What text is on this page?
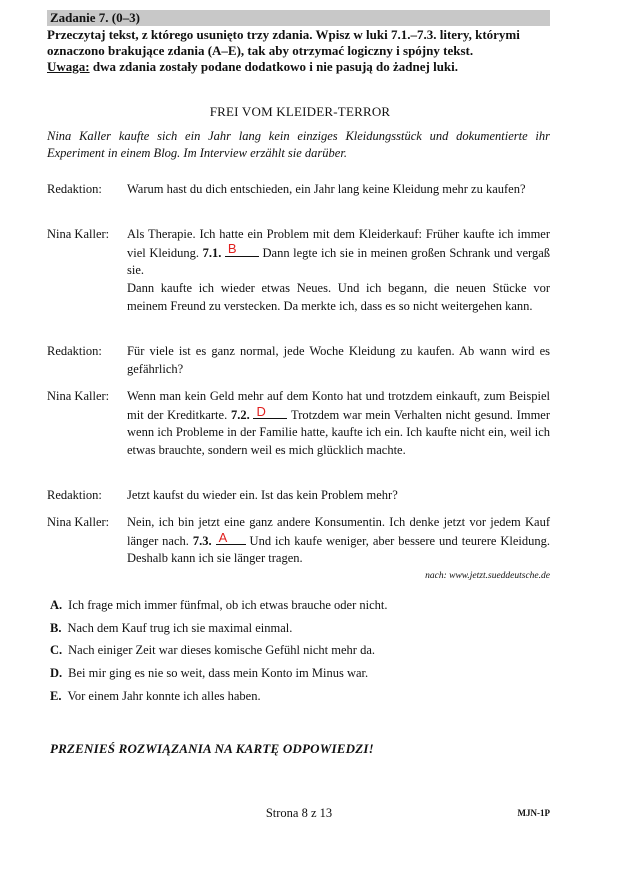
Zadanie 7. (0–3)
Przeczytaj tekst, z którego usunięto trzy zdania. Wpisz w luki 7.1.–7.3. litery, którymi
oznaczono brakujące zdania (A–E), tak aby otrzymać logiczny i spójny tekst.
Uwaga: dwa zdania zostały podane dodatkowo i nie pasują do żadnej luki.
FREI VOM KLEIDER-TERROR
Nina Kaller kaufte sich ein Jahr lang kein einziges Kleidungsstück und dokumentierte ihr Experiment in einem Blog. Im Interview erzählt sie darüber.
Redaktion:	Warum hast du dich entschieden, ein Jahr lang keine Kleidung mehr zu kaufen?
Nina Kaller:	Als Therapie. Ich hatte ein Problem mit dem Kleiderkauf: Früher kaufte ich immer viel Kleidung. 7.1. B Dann legte ich sie in meinen großen Schrank und vergaß sie.
Dann kaufte ich wieder etwas Neues. Und ich begann, die neuen Stücke vor meinem Freund zu verstecken. Da merkte ich, dass es so nicht weitergehen kann.
Redaktion:	Für viele ist es ganz normal, jede Woche Kleidung zu kaufen. Ab wann wird es gefährlich?
Nina Kaller:	Wenn man kein Geld mehr auf dem Konto hat und trotzdem einkauft, zum Beispiel mit der Kreditkarte. 7.2. D Trotzdem war mein Verhalten nicht gesund. Immer wenn ich Probleme in der Familie hatte, kaufte ich ein. Ich kaufte nicht ein, weil ich etwas brauchte, sondern weil es mich glücklich machte.
Redaktion:	Jetzt kaufst du wieder ein. Ist das kein Problem mehr?
Nina Kaller:	Nein, ich bin jetzt eine ganz andere Konsumentin. Ich denke jetzt vor jedem Kauf länger nach. 7.3. A Und ich kaufe weniger, aber bessere und teurere Kleidung. Deshalb kann ich sie länger tragen.
nach: www.jetzt.sueddeutsche.de
A. Ich frage mich immer fünfmal, ob ich etwas brauche oder nicht.
B. Nach dem Kauf trug ich sie maximal einmal.
C. Nach einiger Zeit war dieses komische Gefühl nicht mehr da.
D. Bei mir ging es nie so weit, dass mein Konto im Minus war.
E. Vor einem Jahr konnte ich alles haben.
PRZENIEŚ ROZWIĄZANIA NA KARTĘ ODPOWIEDZI!
Strona 8 z 13	MJN-1P
